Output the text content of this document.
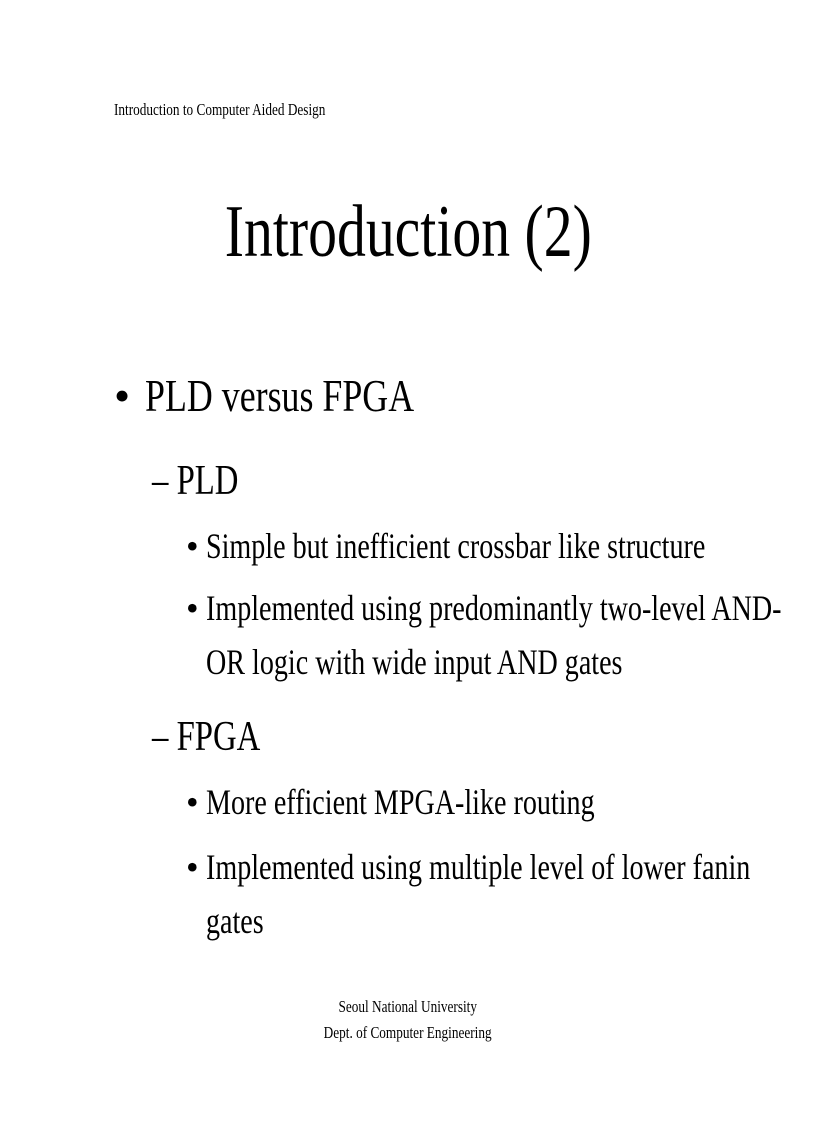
Introduction to Computer Aided Design
Introduction (2)
• PLD versus FPGA
– PLD
• Simple but inefficient crossbar like structure
• Implemented using predominantly two-level AND-
OR logic with wide input AND gates
– FPGA
• More efficient MPGA-like routing
• Implemented using multiple level of lower fanin
gates
Seoul National University
Dept. of Computer Engineering
